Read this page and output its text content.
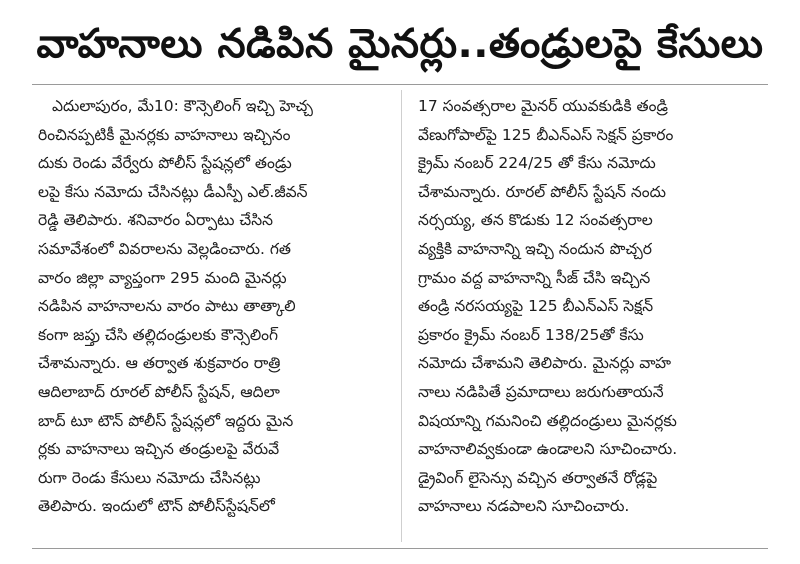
వాహనాలు నడిపిన మైనర్లు..తండ్రులపై కేసులు
ఎదులాపురం, మే10: కౌన్సెలింగ్ ఇచ్చి హెచ్చ
రించినప్పటికీ మైనర్లకు వాహనాలు ఇచ్చినం
దుకు రెండు వేర్వేరు పోలీస్ స్టేషన్లలో తండ్రు
లపై కేసు నమోదు చేసినట్లు డీఎస్పీ ఎల్.జీవన్
రెడ్డి తెలిపారు. శనివారం ఏర్పాటు చేసిన
సమావేశంలో వివరాలను వెల్లడించారు. గత
వారం జిల్లా వ్యాప్తంగా 295 మంది మైనర్లు
నడిపిన వాహనాలను వారం పాటు తాత్కాలి
కంగా జప్తు చేసి తల్లిదండ్రులకు కౌన్సెలింగ్
చేశామన్నారు. ఆ తర్వాత శుక్రవారం రాత్రి
ఆదిలాబాద్ రూరల్ పోలీస్ స్టేషన్, ఆదిలా
బాద్ టూ టౌన్ పోలీస్ స్టేషన్లలో ఇద్దరు మైన
ర్లకు వాహనాలు ఇచ్చిన తండ్రులపై వేరువే
రుగా రెండు కేసులు నమోదు చేసినట్లు
తెలిపారు. ఇందులో టౌన్ పోలీస్‌స్టేషన్‌లో
17 సంవత్సరాల మైనర్ యువకుడికి తండ్రి
వేణుగోపాల్‌పై 125 బీఎన్ఎస్ సెక్షన్ ప్రకారం
క్రైమ్ నంబర్ 224/25 తో కేసు నమోదు
చేశామన్నారు. రూరల్ పోలీస్ స్టేషన్ నందు
నర్సయ్య, తన కొడుకు 12 సంవత్సరాల
వ్యక్తికి వాహనాన్ని ఇచ్చి నందున పొచ్చర
గ్రామం వద్ద వాహనాన్ని సీజ్ చేసి ఇచ్చిన
తండ్రి నరసయ్యపై 125 బీఎన్ఎస్ సెక్షన్
ప్రకారం క్రైమ్ నంబర్ 138/25తో కేసు
నమోదు చేశామని తెలిపారు. మైనర్లు వాహ
నాలు నడిపితే ప్రమాదాలు జరుగుతాయనే
విషయాన్ని గమనించి తల్లిదండ్రులు మైనర్లకు
వాహనాలివ్వకుండా ఉండాలని సూచించారు.
డ్రైవింగ్ లైసెన్సు వచ్చిన తర్వాతనే రోడ్లపై
వాహనాలు నడపాలని సూచించారు.
